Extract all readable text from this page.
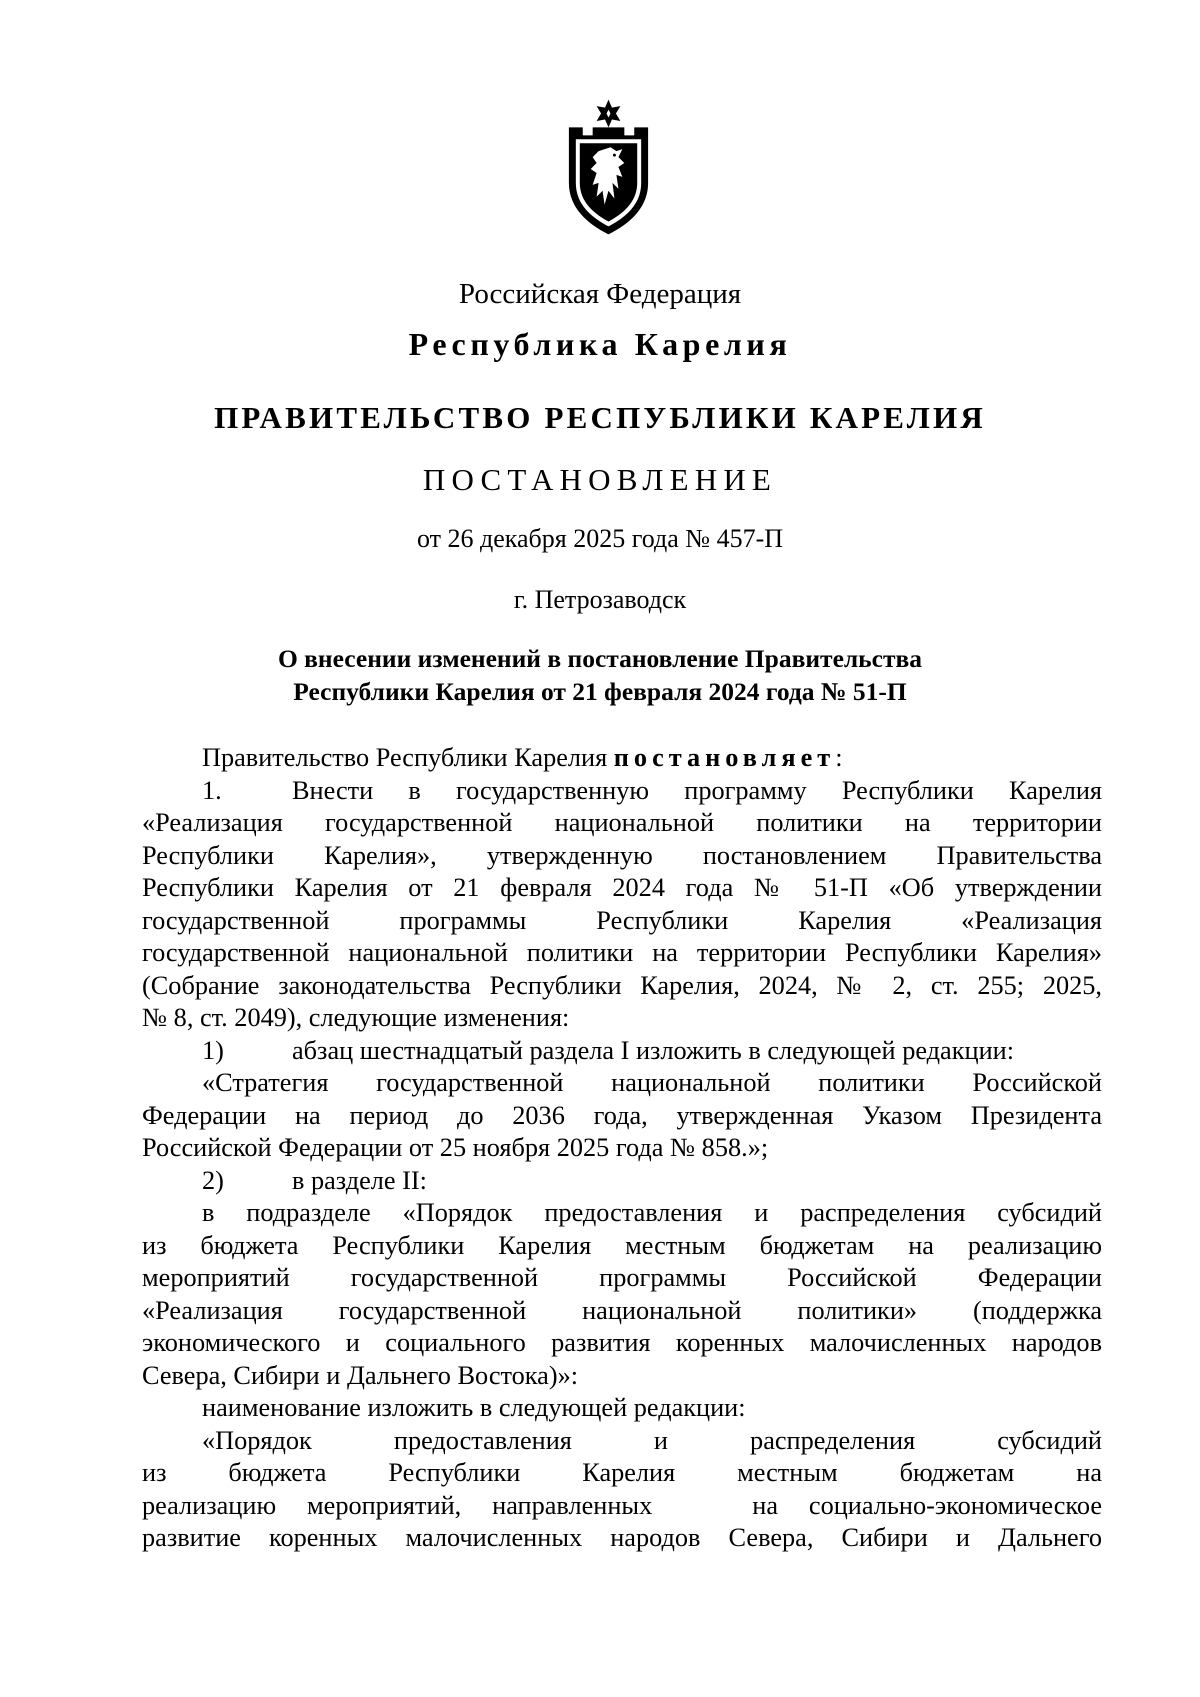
Российская Федерация
Республика Карелия
ПРАВИТЕЛЬСТВО РЕСПУБЛИКИ КАРЕЛИЯ
ПОСТАНОВЛЕНИЕ
от 26 декабря 2025 года № 457-П
г. Петрозаводск
О внесении изменений в постановление Правительства
Республики Карелия от 21 февраля 2024 года № 51-П
Правительство Республики Карелия постановляет:
1.	Внести в государственную программу Республики Карелия
«Реализация государственной национальной политики на территории
Республики Карелия», утвержденную постановлением Правительства
Республики Карелия от 21 февраля 2024 года № 51-П «Об утверждении
государственной программы Республики Карелия «Реализация
государственной национальной политики на территории Республики Карелия»
(Собрание законодательства Республики Карелия, 2024, № 2, ст. 255; 2025,
№ 8, ст. 2049), следующие изменения:
1)	абзац шестнадцатый раздела I изложить в следующей редакции:
«Стратегия государственной национальной политики Российской
Федерации на период до 2036 года, утвержденная Указом Президента
Российской Федерации от 25 ноября 2025 года № 858.»;
2)	в разделе II:
в подразделе «Порядок предоставления и распределения субсидий
из бюджета Республики Карелия местным бюджетам на реализацию
мероприятий государственной программы Российской Федерации
«Реализация государственной национальной политики» (поддержка
экономического и социального развития коренных малочисленных народов
Севера, Сибири и Дальнего Востока)»:
наименование изложить в следующей редакции:
«Порядок предоставления и распределения субсидий
из бюджета Республики Карелия местным бюджетам на
реализацию мероприятий, направленных	на социально-экономическое
развитие коренных малочисленных народов Севера, Сибири и Дальнего
